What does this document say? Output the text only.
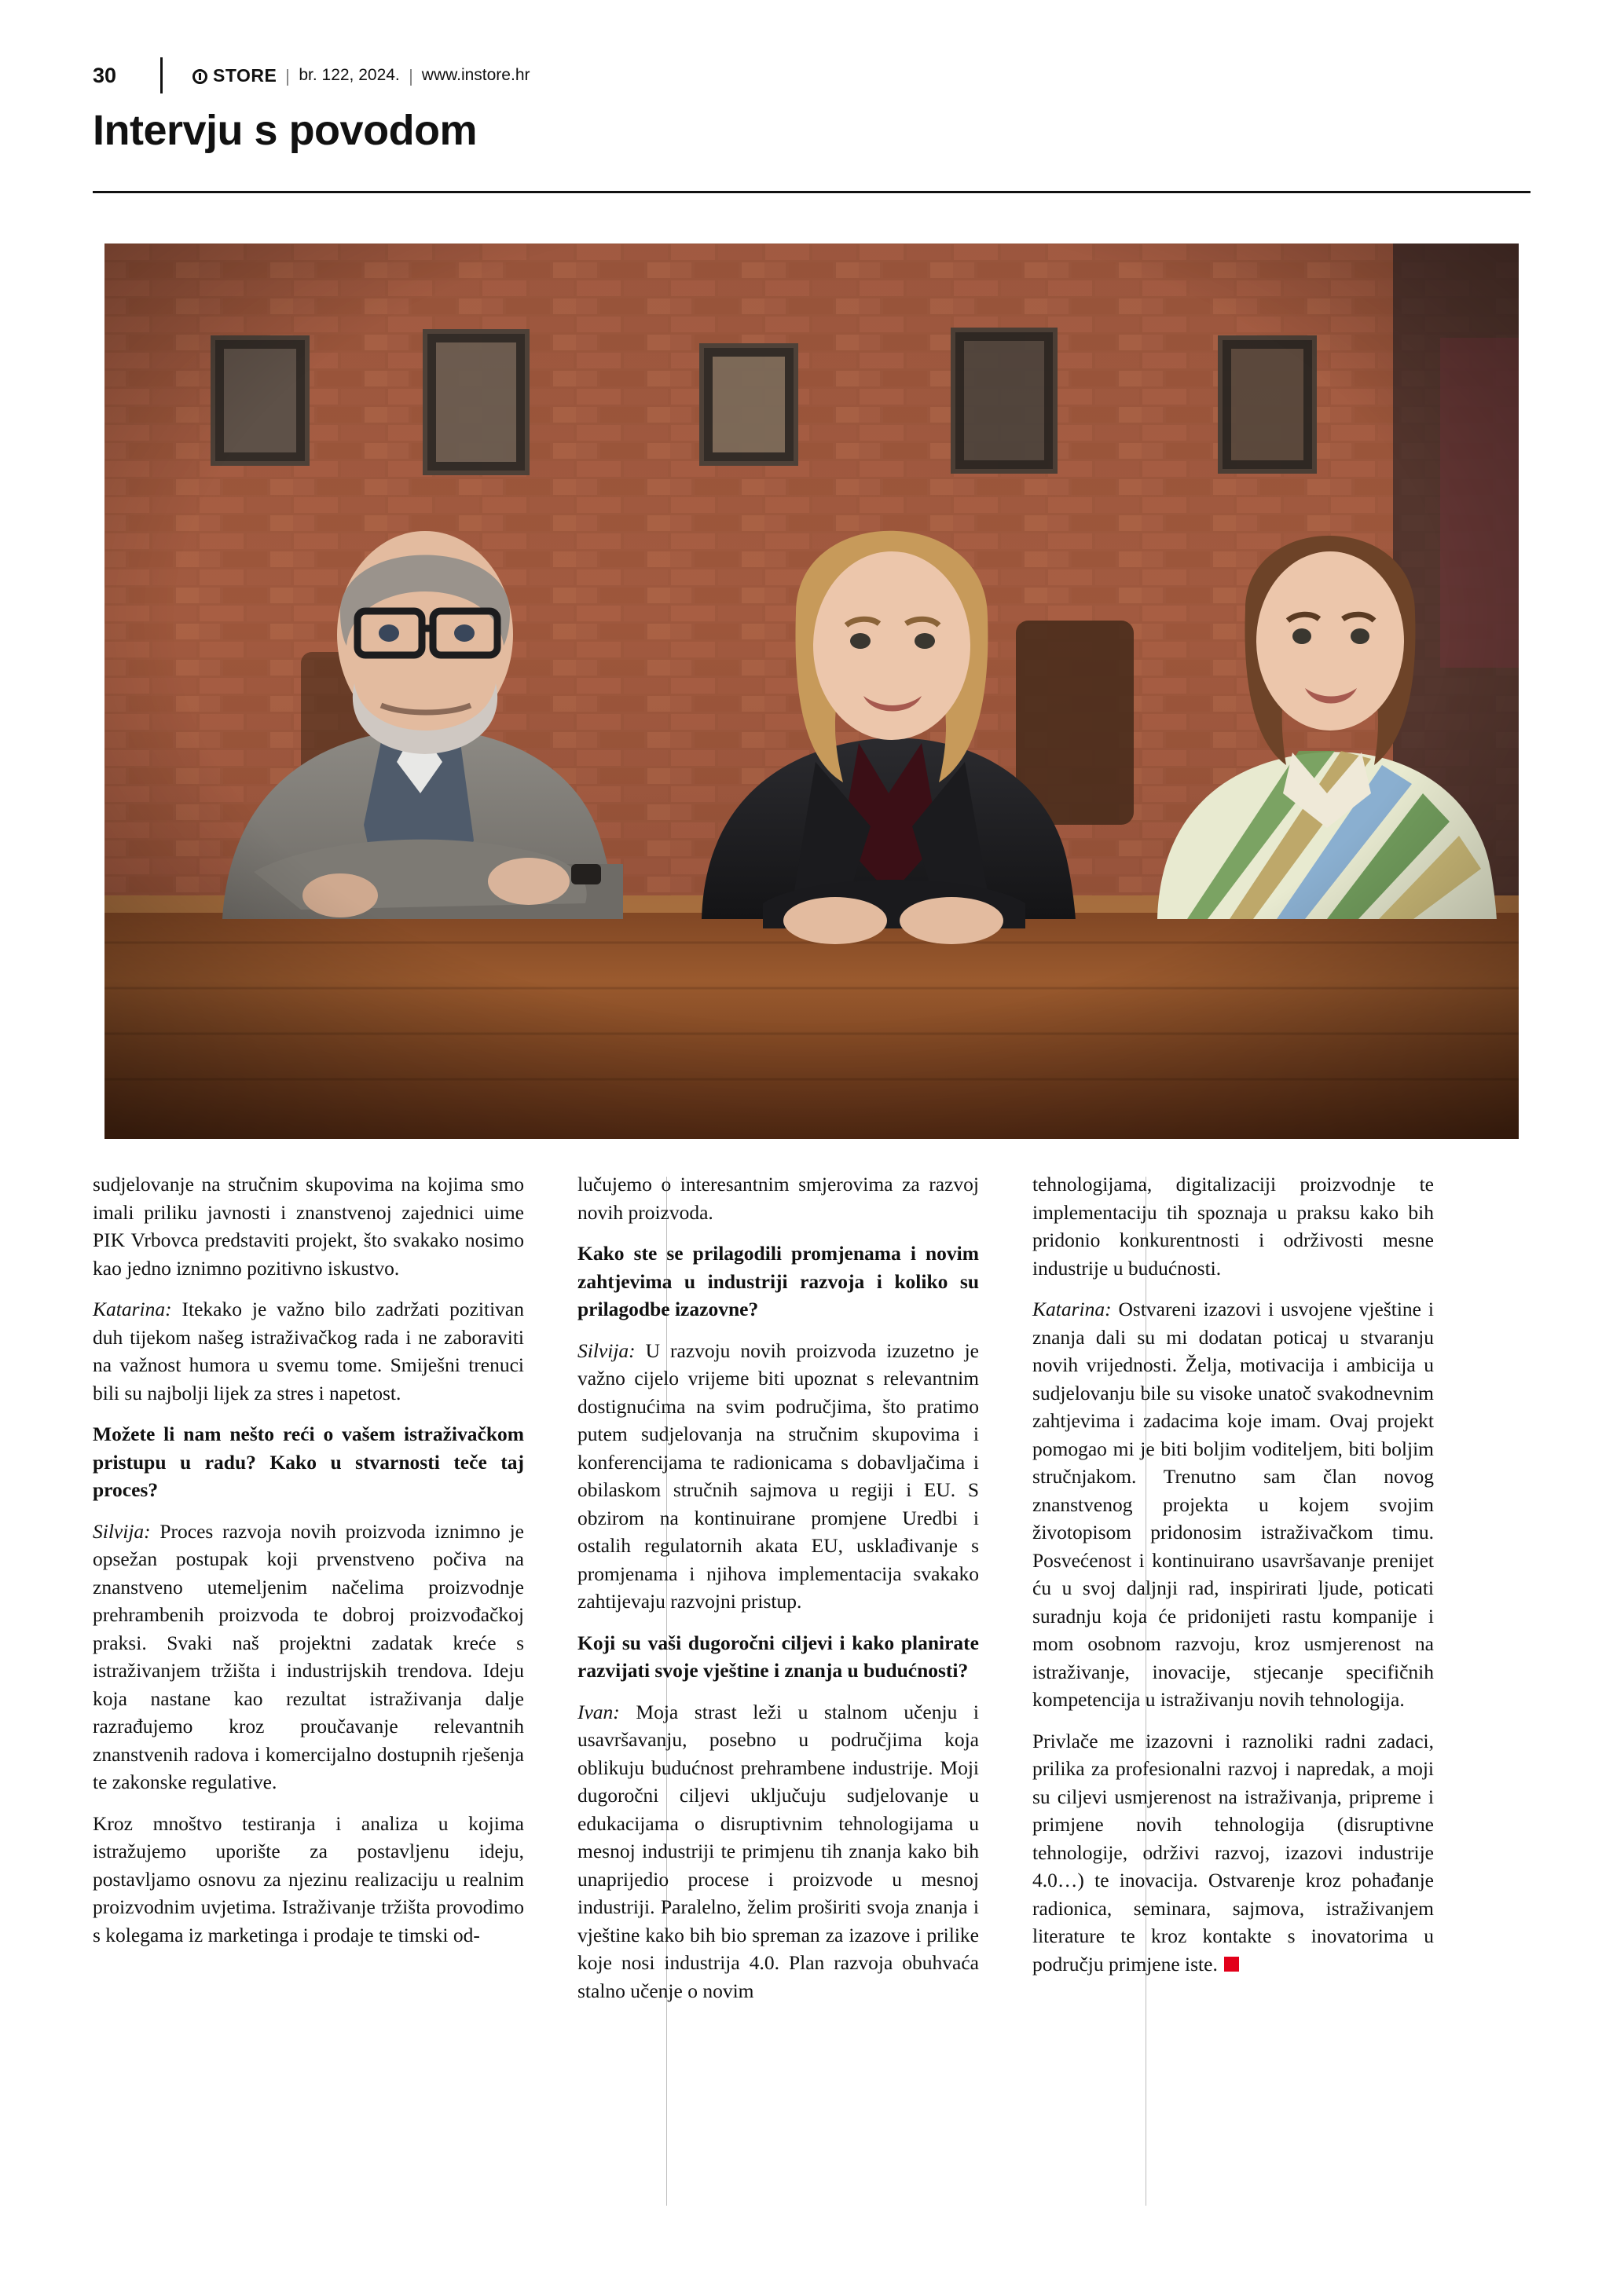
30	STORE br. 122, 2024. www.instore.hr
Intervju s povodom

sudjelovanje na stručnim skupovima na kojima smo imali priliku javnosti i znanstvenoj zajednici uime PIK Vrbovca predstaviti projekt, što svakako nosimo kao jedno iznimno pozitivno iskustvo.

Katarina: Itekako je važno bilo zadržati pozitivan duh tijekom našeg istraživačkog rada i ne zaboraviti na važnost humora u svemu tome. Smiješni trenuci bili su najbolji lijek za stres i napetost.

Možete li nam nešto reći o vašem istraživačkom pristupu u radu? Kako u stvarnosti teče taj proces?

Silvija: Proces razvoja novih proizvoda iznimno je opsežan postupak koji prvenstveno počiva na znanstveno utemeljenim načelima proizvodnje prehrambenih proizvoda te dobroj proizvođačkoj praksi. Svaki naš projektni zadatak kreće s istraživanjem tržišta i industrijskih trendova. Ideju koja nastane kao rezultat istraživanja dalje razrađujemo kroz proučavanje relevantnih znanstvenih radova i komercijalno dostupnih rješenja te zakonske regulative.

Kroz mnoštvo testiranja i analiza u kojima istražujemo uporište za postavljenu ideju, postavljamo osnovu za njezinu realizaciju u realnim proizvodnim uvjetima. Istraživanje tržišta provodimo s kolegama iz marketinga i prodaje te timski od-

lučujemo o interesantnim smjerovima za razvoj novih proizvoda.

Kako ste se prilagodili promjenama i novim zahtjevima u industriji razvoja i koliko su prilagodbe izazovne?

Silvija: U razvoju novih proizvoda izuzetno je važno cijelo vrijeme biti upoznat s relevantnim dostignućima na svim područjima, što pratimo putem sudjelovanja na stručnim skupovima i konferencijama te radionicama s dobavljačima i obilaskom stručnih sajmova u regiji i EU. S obzirom na kontinuirane promjene Uredbi i ostalih regulatornih akata EU, usklađivanje s promjenama i njihova implementacija svakako zahtijevaju razvojni pristup.

Koji su vaši dugoročni ciljevi i kako planirate razvijati svoje vještine i znanja u budućnosti?

Ivan: Moja strast leži u stalnom učenju i usavršavanju, posebno u područjima koja oblikuju budućnost prehrambene industrije. Moji dugoročni ciljevi uključuju sudjelovanje u edukacijama o disruptivnim tehnologijama u mesnoj industriji te primjenu tih znanja kako bih unaprijedio procese i proizvode u mesnoj industriji. Paralelno, želim proširiti svoja znanja i vještine kako bih bio spreman za izazove i prilike koje nosi industrija 4.0. Plan razvoja obuhvaća stalno učenje o novim

tehnologijama, digitalizaciji proizvodnje te implementaciju tih spoznaja u praksu kako bih pridonio konkurentnosti i održivosti mesne industrije u budućnosti.

Katarina: Ostvareni izazovi i usvojene vještine i znanja dali su mi dodatan poticaj u stvaranju novih vrijednosti. Želja, motivacija i ambicija u sudjelovanju bile su visoke unatoč svakodnevnim zahtjevima i zadacima koje imam. Ovaj projekt pomogao mi je biti boljim voditeljem, biti boljim stručnjakom. Trenutno sam član novog znanstvenog projekta u kojem svojim životopisom pridonosim istraživačkom timu. Posvećenost i kontinuirano usavršavanje prenijet ću u svoj daljnji rad, inspirirati ljude, poticati suradnju koja će pridonijeti rastu kompanije i mom osobnom razvoju, kroz usmjerenost na istraživanje, inovacije, stjecanje specifičnih kompetencija u istraživanju novih tehnologija.

Privlače me izazovni i raznoliki radni zadaci, prilika za profesionalni razvoj i napredak, a moji su ciljevi usmjerenost na istraživanja, pripreme i primjene novih tehnologija (disruptivne tehnologije, održivi razvoj, izazovi industrije 4.0…) te inovacija. Ostvarenje kroz pohađanje radionica, seminara, sajmova, istraživanjem literature te kroz kontakte s inovatorima u području primjene iste.
